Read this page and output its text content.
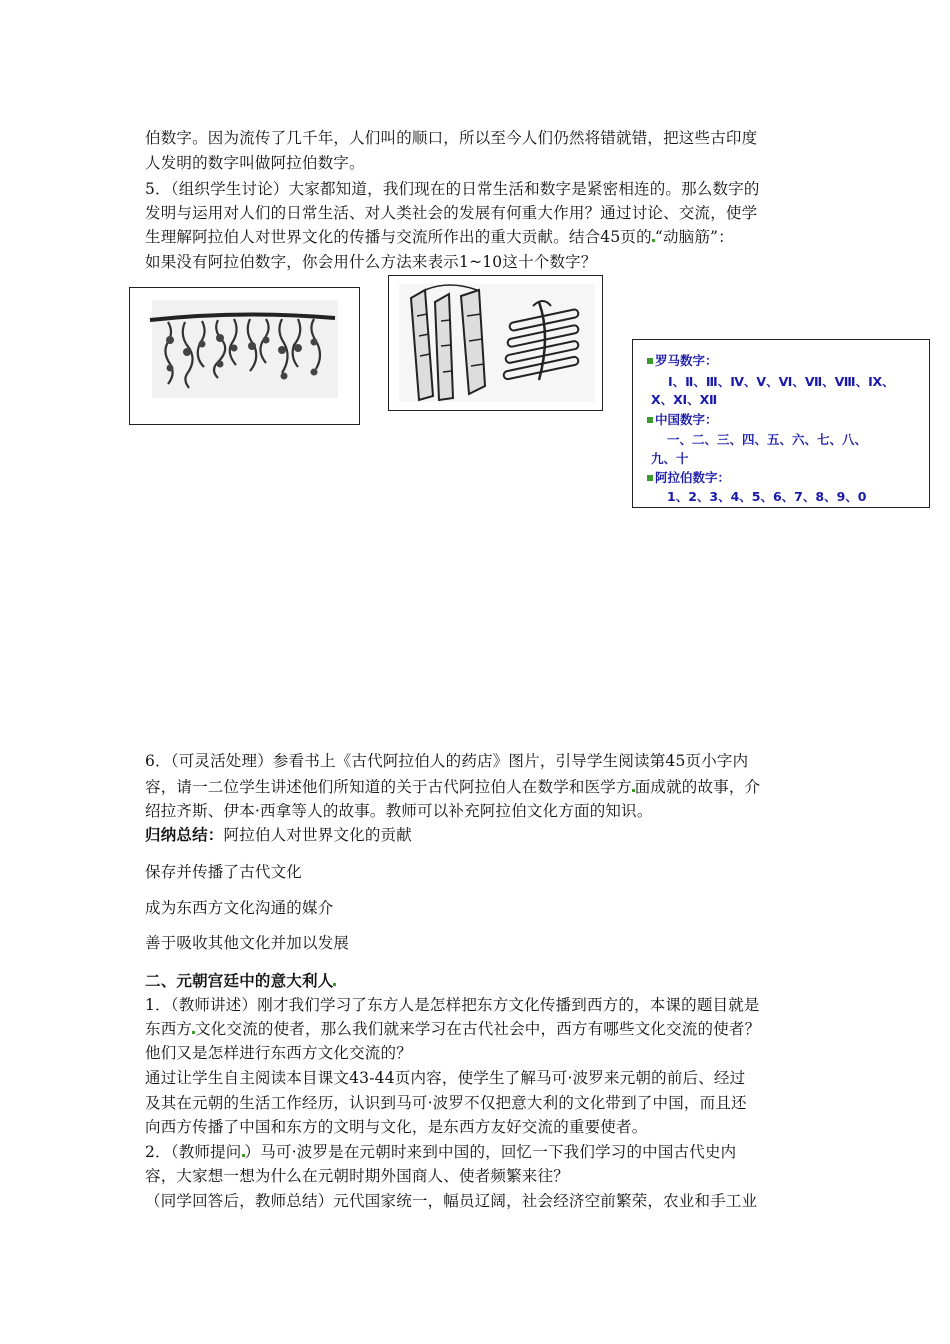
伯数字。因为流传了几千年，人们叫的顺口，所以至今人们仍然将错就错，把这些古印度
人发明的数字叫做阿拉伯数字。
5．（组织学生讨论）大家都知道，我们现在的日常生活和数字是紧密相连的。那么数字的
发明与运用对人们的日常生活、对人类社会的发展有何重大作用？通过讨论、交流，使学
生理解阿拉伯人对世界文化的传播与交流所作出的重大贡献。结合45页的 “动脑筋”：
如果没有阿拉伯数字，你会用什么方法来表示1~10这十个数字？
罗马数字：
Ⅰ、Ⅱ、Ⅲ、Ⅳ、Ⅴ、Ⅵ、Ⅶ、Ⅷ、Ⅸ、
Ⅹ、Ⅺ、Ⅻ
中国数字：
一、二、三、四、五、六、七、八、
九、十
阿拉伯数字：
1、2、3、4、5、6、7、8、9、0
6．（可灵活处理）参看书上《古代阿拉伯人的药店》图片，引导学生阅读第45页小字内
容，请一二位学生讲述他们所知道的关于古代阿拉伯人在数学和医学方 面成就的故事，介
绍拉齐斯、伊本·西拿等人的故事。教师可以补充阿拉伯文化方面的知识。
归纳总结：阿拉伯人对世界文化的贡献
保存并传播了古代文化
成为东西方文化沟通的媒介
善于吸收其他文化并加以发展
二、元朝宫廷中的意大利人
1．（教师讲述）刚才我们学习了东方人是怎样把东方文化传播到西方的，本课的题目就是
东西方 文化交流的使者，那么我们就来学习在古代社会中，西方有哪些文化交流的使者？
他们又是怎样进行东西方文化交流的？
通过让学生自主阅读本目课文43-44页内容，使学生了解马可·波罗来元朝的前后、经过
及其在元朝的生活工作经历，认识到马可·波罗不仅把意大利的文化带到了中国，而且还
向西方传播了中国和东方的文明与文化，是东西方友好交流的重要使者。
2．（教师提问 ）马可·波罗是在元朝时来到中国的，回忆一下我们学习的中国古代史内
容，大家想一想为什么在元朝时期外国商人、使者频繁来往？
（同学回答后，教师总结）元代国家统一，幅员辽阔，社会经济空前繁荣，农业和手工业
